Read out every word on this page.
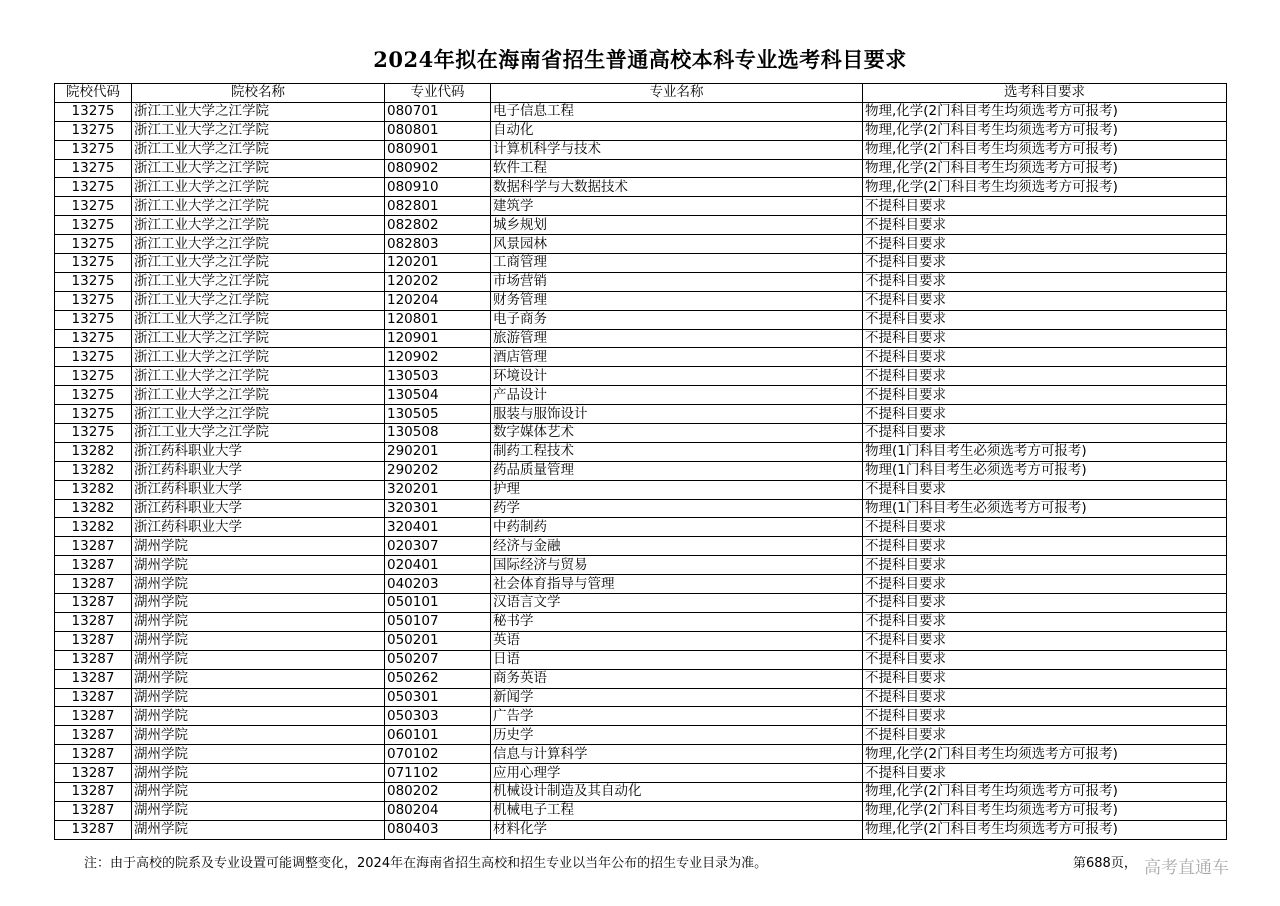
2024年拟在海南省招生普通高校本科专业选考科目要求
院校代码	院校名称	专业代码	专业名称	选考科目要求
13275	浙江工业大学之江学院	080701	电子信息工程	物理,化学(2门科目考生均须选考方可报考)
13275	浙江工业大学之江学院	080801	自动化	物理,化学(2门科目考生均须选考方可报考)
13275	浙江工业大学之江学院	080901	计算机科学与技术	物理,化学(2门科目考生均须选考方可报考)
13275	浙江工业大学之江学院	080902	软件工程	物理,化学(2门科目考生均须选考方可报考)
13275	浙江工业大学之江学院	080910	数据科学与大数据技术	物理,化学(2门科目考生均须选考方可报考)
13275	浙江工业大学之江学院	082801	建筑学	不提科目要求
13275	浙江工业大学之江学院	082802	城乡规划	不提科目要求
13275	浙江工业大学之江学院	082803	风景园林	不提科目要求
13275	浙江工业大学之江学院	120201	工商管理	不提科目要求
13275	浙江工业大学之江学院	120202	市场营销	不提科目要求
13275	浙江工业大学之江学院	120204	财务管理	不提科目要求
13275	浙江工业大学之江学院	120801	电子商务	不提科目要求
13275	浙江工业大学之江学院	120901	旅游管理	不提科目要求
13275	浙江工业大学之江学院	120902	酒店管理	不提科目要求
13275	浙江工业大学之江学院	130503	环境设计	不提科目要求
13275	浙江工业大学之江学院	130504	产品设计	不提科目要求
13275	浙江工业大学之江学院	130505	服装与服饰设计	不提科目要求
13275	浙江工业大学之江学院	130508	数字媒体艺术	不提科目要求
13282	浙江药科职业大学	290201	制药工程技术	物理(1门科目考生必须选考方可报考)
13282	浙江药科职业大学	290202	药品质量管理	物理(1门科目考生必须选考方可报考)
13282	浙江药科职业大学	320201	护理	不提科目要求
13282	浙江药科职业大学	320301	药学	物理(1门科目考生必须选考方可报考)
13282	浙江药科职业大学	320401	中药制药	不提科目要求
13287	湖州学院	020307	经济与金融	不提科目要求
13287	湖州学院	020401	国际经济与贸易	不提科目要求
13287	湖州学院	040203	社会体育指导与管理	不提科目要求
13287	湖州学院	050101	汉语言文学	不提科目要求
13287	湖州学院	050107	秘书学	不提科目要求
13287	湖州学院	050201	英语	不提科目要求
13287	湖州学院	050207	日语	不提科目要求
13287	湖州学院	050262	商务英语	不提科目要求
13287	湖州学院	050301	新闻学	不提科目要求
13287	湖州学院	050303	广告学	不提科目要求
13287	湖州学院	060101	历史学	不提科目要求
13287	湖州学院	070102	信息与计算科学	物理,化学(2门科目考生均须选考方可报考)
13287	湖州学院	071102	应用心理学	不提科目要求
13287	湖州学院	080202	机械设计制造及其自动化	物理,化学(2门科目考生均须选考方可报考)
13287	湖州学院	080204	机械电子工程	物理,化学(2门科目考生均须选考方可报考)
13287	湖州学院	080403	材料化学	物理,化学(2门科目考生均须选考方可报考)
注：由于高校的院系及专业设置可能调整变化，2024年在海南省招生高校和招生专业以当年公布的招生专业目录为准。	第688页， 高考直通车
